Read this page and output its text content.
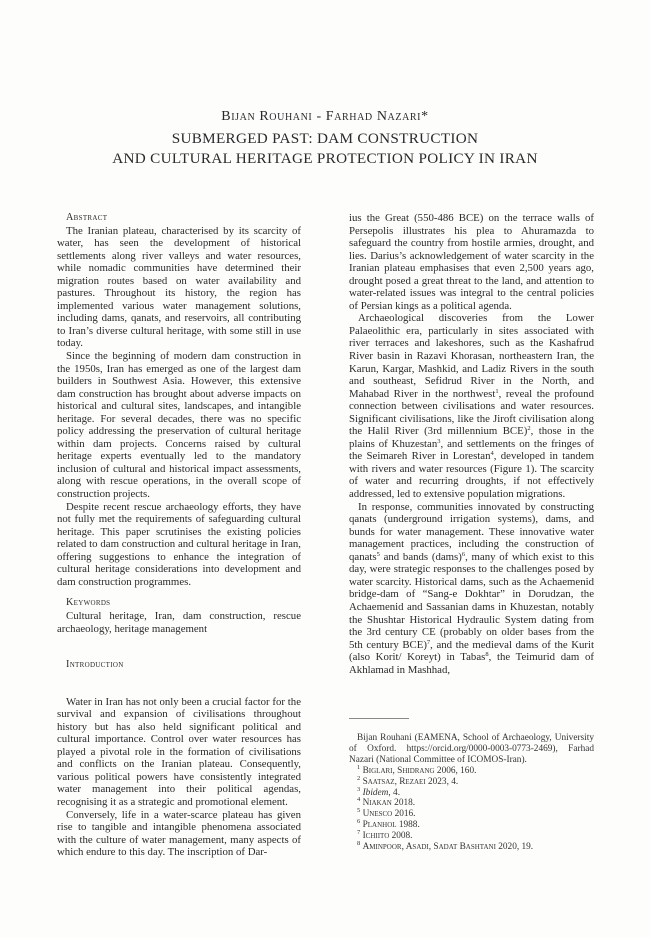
Bijan Rouhani - Farhad Nazari*
SUBMERGED PAST: DAM CONSTRUCTION
AND CULTURAL HERITAGE PROTECTION POLICY IN IRAN

Abstract

The Iranian plateau, characterised by its scarcity of water, has seen the development of historical settlements along river valleys and water resources, while nomadic communities have determined their migration routes based on water availability and pastures. Throughout its history, the region has implemented various water management solutions, including dams, qanats, and reservoirs, all contributing to Iran’s diverse cultural heritage, with some still in use today.

Since the beginning of modern dam construction in the 1950s, Iran has emerged as one of the largest dam builders in Southwest Asia. However, this extensive dam construction has brought about adverse impacts on historical and cultural sites, landscapes, and intangible heritage. For several decades, there was no specific policy addressing the preservation of cultural heritage within dam projects. Concerns raised by cultural heritage experts eventually led to the mandatory inclusion of cultural and historical impact assessments, along with rescue operations, in the overall scope of construction projects.

Despite recent rescue archaeology efforts, they have not fully met the requirements of safeguarding cultural heritage. This paper scrutinises the existing policies related to dam construction and cultural heritage in Iran, offering suggestions to enhance the integration of cultural heritage considerations into development and dam construction programmes.

Keywords

Cultural heritage, Iran, dam construction, rescue archaeology, heritage management

Introduction

Water in Iran has not only been a crucial factor for the survival and expansion of civilisations throughout history but has also held significant political and cultural importance. Control over water resources has played a pivotal role in the formation of civilisations and conflicts on the Iranian plateau. Consequently, various political powers have consistently integrated water management into their political agendas, recognising it as a strategic and promotional element.

Conversely, life in a water-scarce plateau has given rise to tangible and intangible phenomena associated with the culture of water management, many aspects of which endure to this day. The inscription of Dar-

ius the Great (550-486 BCE) on the terrace walls of Persepolis illustrates his plea to Ahuramazda to safeguard the country from hostile armies, drought, and lies. Darius’s acknowledgement of water scarcity in the Iranian plateau emphasises that even 2,500 years ago, drought posed a great threat to the land, and attention to water-related issues was integral to the central policies of Persian kings as a political agenda.

Archaeological discoveries from the Lower Palaeolithic era, particularly in sites associated with river terraces and lakeshores, such as the Kashafrud River basin in Razavi Khorasan, northeastern Iran, the Karun, Kargar, Mashkid, and Ladiz Rivers in the south and southeast, Sefidrud River in the North, and Mahabad River in the northwest$^1$, reveal the profound connection between civilisations and water resources. Significant civilisations, like the Jiroft civilisation along the Halil River (3rd millennium BCE)$^2$, those in the plains of Khuzestan$^3$, and settlements on the fringes of the Seimareh River in Lorestan$^4$, developed in tandem with rivers and water resources (Figure 1). The scarcity of water and recurring droughts, if not effectively addressed, led to extensive population migrations.

In response, communities innovated by constructing qanats (underground irrigation systems), dams, and bunds for water management. These innovative water management practices, including the construction of qanats$^5$ and bands (dams)$^6$, many of which exist to this day, were strategic responses to the challenges posed by water scarcity. Historical dams, such as the Achaemenid bridge-dam of “Sang-e Dokhtar” in Dorudzan, the Achaemenid and Sassanian dams in Khuzestan, notably the Shushtar Historical Hydraulic System dating from the 3rd century CE (probably on older bases from the 5th century BCE)$^7$, and the medieval dams of the Kurit (also Korit/ Koreyt) in Tabas$^8$, the Teimurid dam of Akhlamad in Mashhad,

Bijan Rouhani (EAMENA, School of Archaeology, University of Oxford. https://orcid.org/0000-0003-0773-2469), Farhad Nazari (National Committee of ICOMOS-Iran).

$^1$ Biglari, Shidrang 2006, 160.

$^2$ Saatsaz, Rezaei 2023, 4.

$^3$ Ibidem, 4.

$^4$ Niakan 2018.

$^5$ Unesco 2016.

$^6$ Planhol 1988.

$^7$ Ichiito 2008.

$^8$ Aminpoor, Asadi, Sadat Bashtani 2020, 19.
